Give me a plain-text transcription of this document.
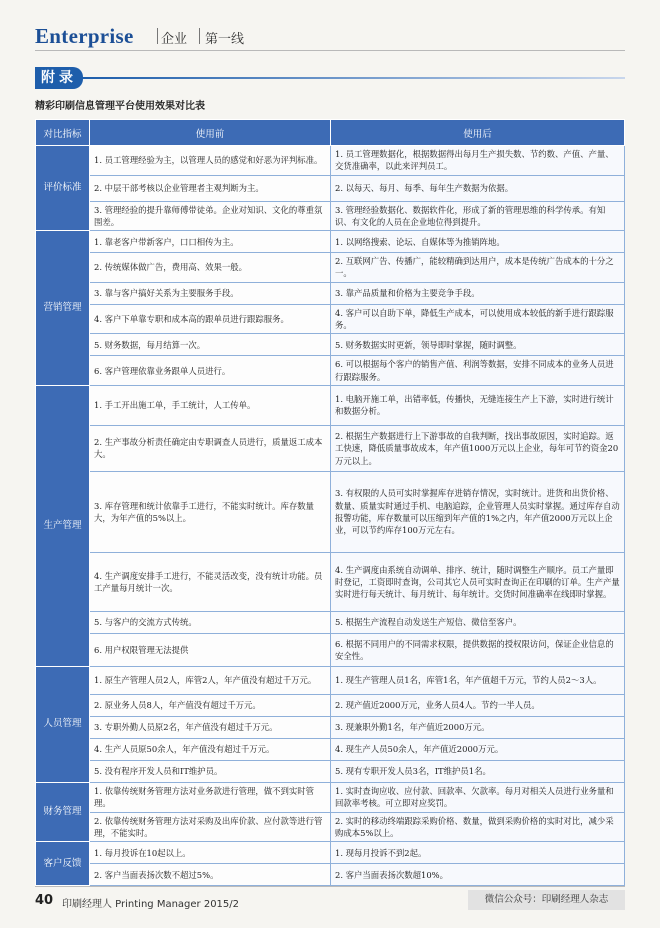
Enterprise 企业 第一线
附录
精彩印刷信息管理平台使用效果对比表
对比指标	使用前	使用后
评价标准	1. 员工管理经验为主，以管理人员的感觉和好恶为评判标准。	1. 员工管理数据化，根据数据得出每月生产损失数、节约数、产值、产量、交货准确率，以此来评判员工。
	2. 中层干部考核以企业管理者主观判断为主。	2. 以每天、每月、每季、每年生产数据为依据。
	3. 管理经验的提升靠师傅带徒弟。企业对知识、文化的尊重氛围差。	3. 管理经验数据化、数据软件化，形成了新的管理思维的科学传承。有知识、有文化的人员在企业地位得到提升。
营销管理	1. 靠老客户带新客户，口口相传为主。	1. 以网络搜索、论坛、自媒体等为推销阵地。
	2. 传统媒体做广告，费用高、效果一般。	2. 互联网广告、传播广，能较精确到达用户，成本是传统广告成本的十分之一。
	3. 靠与客户搞好关系为主要服务手段。	3. 靠产品质量和价格为主要竞争手段。
	4. 客户下单靠专职和成本高的跟单员进行跟踪服务。	4. 客户可以自助下单，降低生产成本，可以使用成本较低的新手进行跟踪服务。
	5. 财务数据，每月结算一次。	5. 财务数据实时更新，领导即时掌握，随时调整。
	6. 客户管理依靠业务跟单人员进行。	6. 可以根据每个客户的销售产值、利润等数据，安排不同成本的业务人员进行跟踪服务。
生产管理	1. 手工开出施工单，手工统计，人工传单。	1. 电脑开施工单，出错率低，传播快，无缝连接生产上下游，实时进行统计和数据分析。
	2. 生产事故分析责任确定由专职调查人员进行，质量返工成本大。	2. 根据生产数据进行上下游事故的自我判断，找出事故原因，实时追踪。返工快速，降低质量事故成本，年产值1000万元以上企业，每年可节约资金20万元以上。
	3. 库存管理和统计依靠手工进行，不能实时统计。库存数量大，为年产值的5%以上。	3. 有权限的人员可实时掌握库存进销存情况，实时统计。进货和出货价格、数量、质量实时通过手机、电脑追踪，企业管理人员实时掌握。通过库存自动报警功能，库存数量可以压缩到年产值的1%之内，年产值2000万元以上企业，可以节约库存100万元左右。
	4. 生产调度安排手工进行，不能灵活改变，没有统计功能。员工产量每月统计一次。	4. 生产调度由系统自动调单、排序、统计，随时调整生产顺序。员工产量即时登记，工资即时查询，公司其它人员可实时查询正在印刷的订单。生产产量实时进行每天统计、每月统计、每年统计。交货时间准确率在线即时掌握。
	5. 与客户的交流方式传统。	5. 根据生产流程自动发送生产短信、微信至客户。
	6. 用户权限管理无法提供	6. 根据不同用户的不同需求权限，提供数据的授权限访问，保证企业信息的安全性。
人员管理	1. 原生产管理人员2人，库管2人，年产值没有超过千万元。	1. 现生产管理人员1名，库管1名，年产值超千万元，节约人员2～3人。
	2. 原业务人员8人，年产值没有超过千万元。	2. 现产值近2000万元，业务人员4人。节约一半人员。
	3. 专职外勤人员原2名，年产值没有超过千万元。	3. 现兼职外勤1名，年产值近2000万元。
	4. 生产人员原50余人，年产值没有超过千万元。	4. 现生产人员50余人，年产值近2000万元。
	5. 没有程序开发人员和IT维护员。	5. 现有专职开发人员3名，IT维护员1名。
财务管理	1. 依靠传统财务管理方法对业务款进行管理，做不到实时管理。	1. 实时查询应收、应付款、回款率、欠款率。每月对相关人员进行业务量和回款率考核。可立即对应奖罚。
	2. 依靠传统财务管理方法对采购及出库价款、应付款等进行管理，不能实时。	2. 实时的移动终端跟踪采购价格、数量，做到采购价格的实时对比，减少采购成本5%以上。
客户反馈	1. 每月投诉在10起以上。	1. 现每月投诉不到2起。
	2. 客户当面表扬次数不超过5%。	2. 客户当面表扬次数超10%。
40 印刷经理人 Printing Manager 2015/2	微信公众号：印刷经理人杂志
